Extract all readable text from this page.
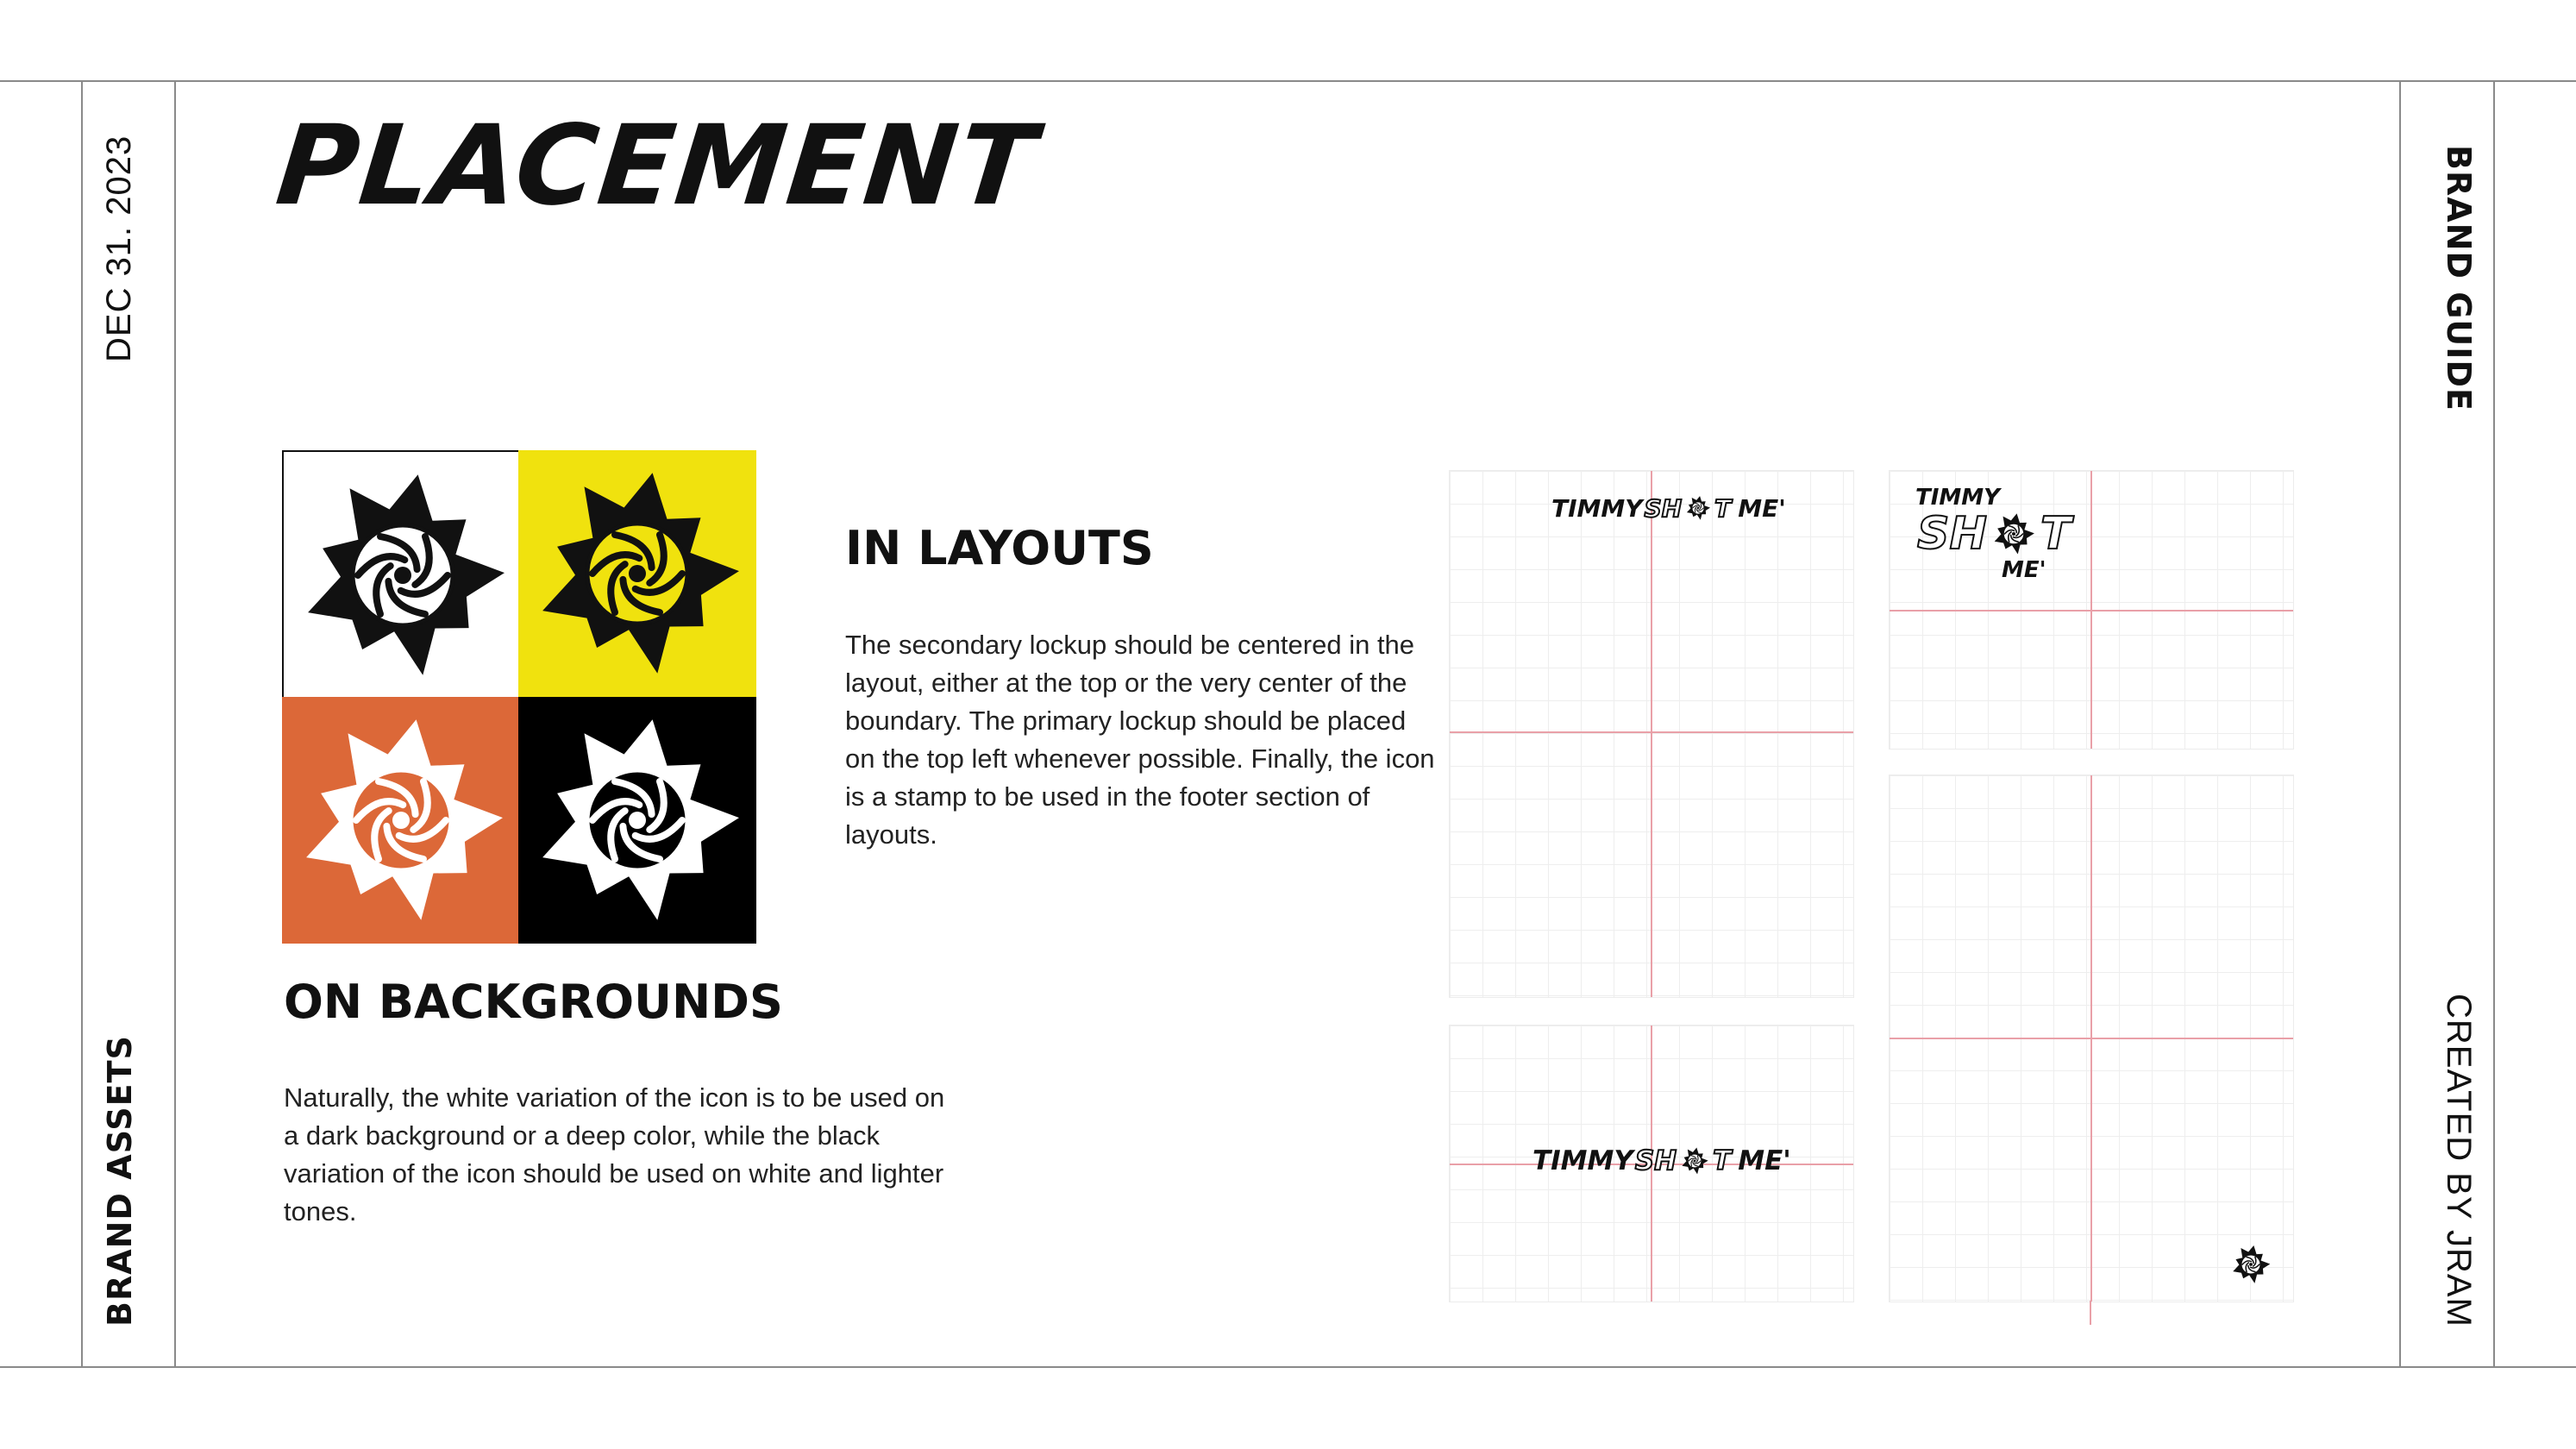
DEC 31. 2023
BRAND ASSETS
BRAND GUIDE
CREATED BY JRAM
PLACEMENT
ON BACKGROUNDS
Naturally, the white variation of the icon is to be used on a dark background or a deep color, while the black variation of the icon should be used on white and lighter tones.
IN LAYOUTS
The secondary lockup should be centered in the layout, either at the top or the very center of the boundary. The primary lockup should be placed on the top left whenever possible. Finally, the icon is a stamp to be used in the footer section of layouts.
TIMMY SH T ME'
TIMMY SH T ME'
TIMMY
SH T
ME'
